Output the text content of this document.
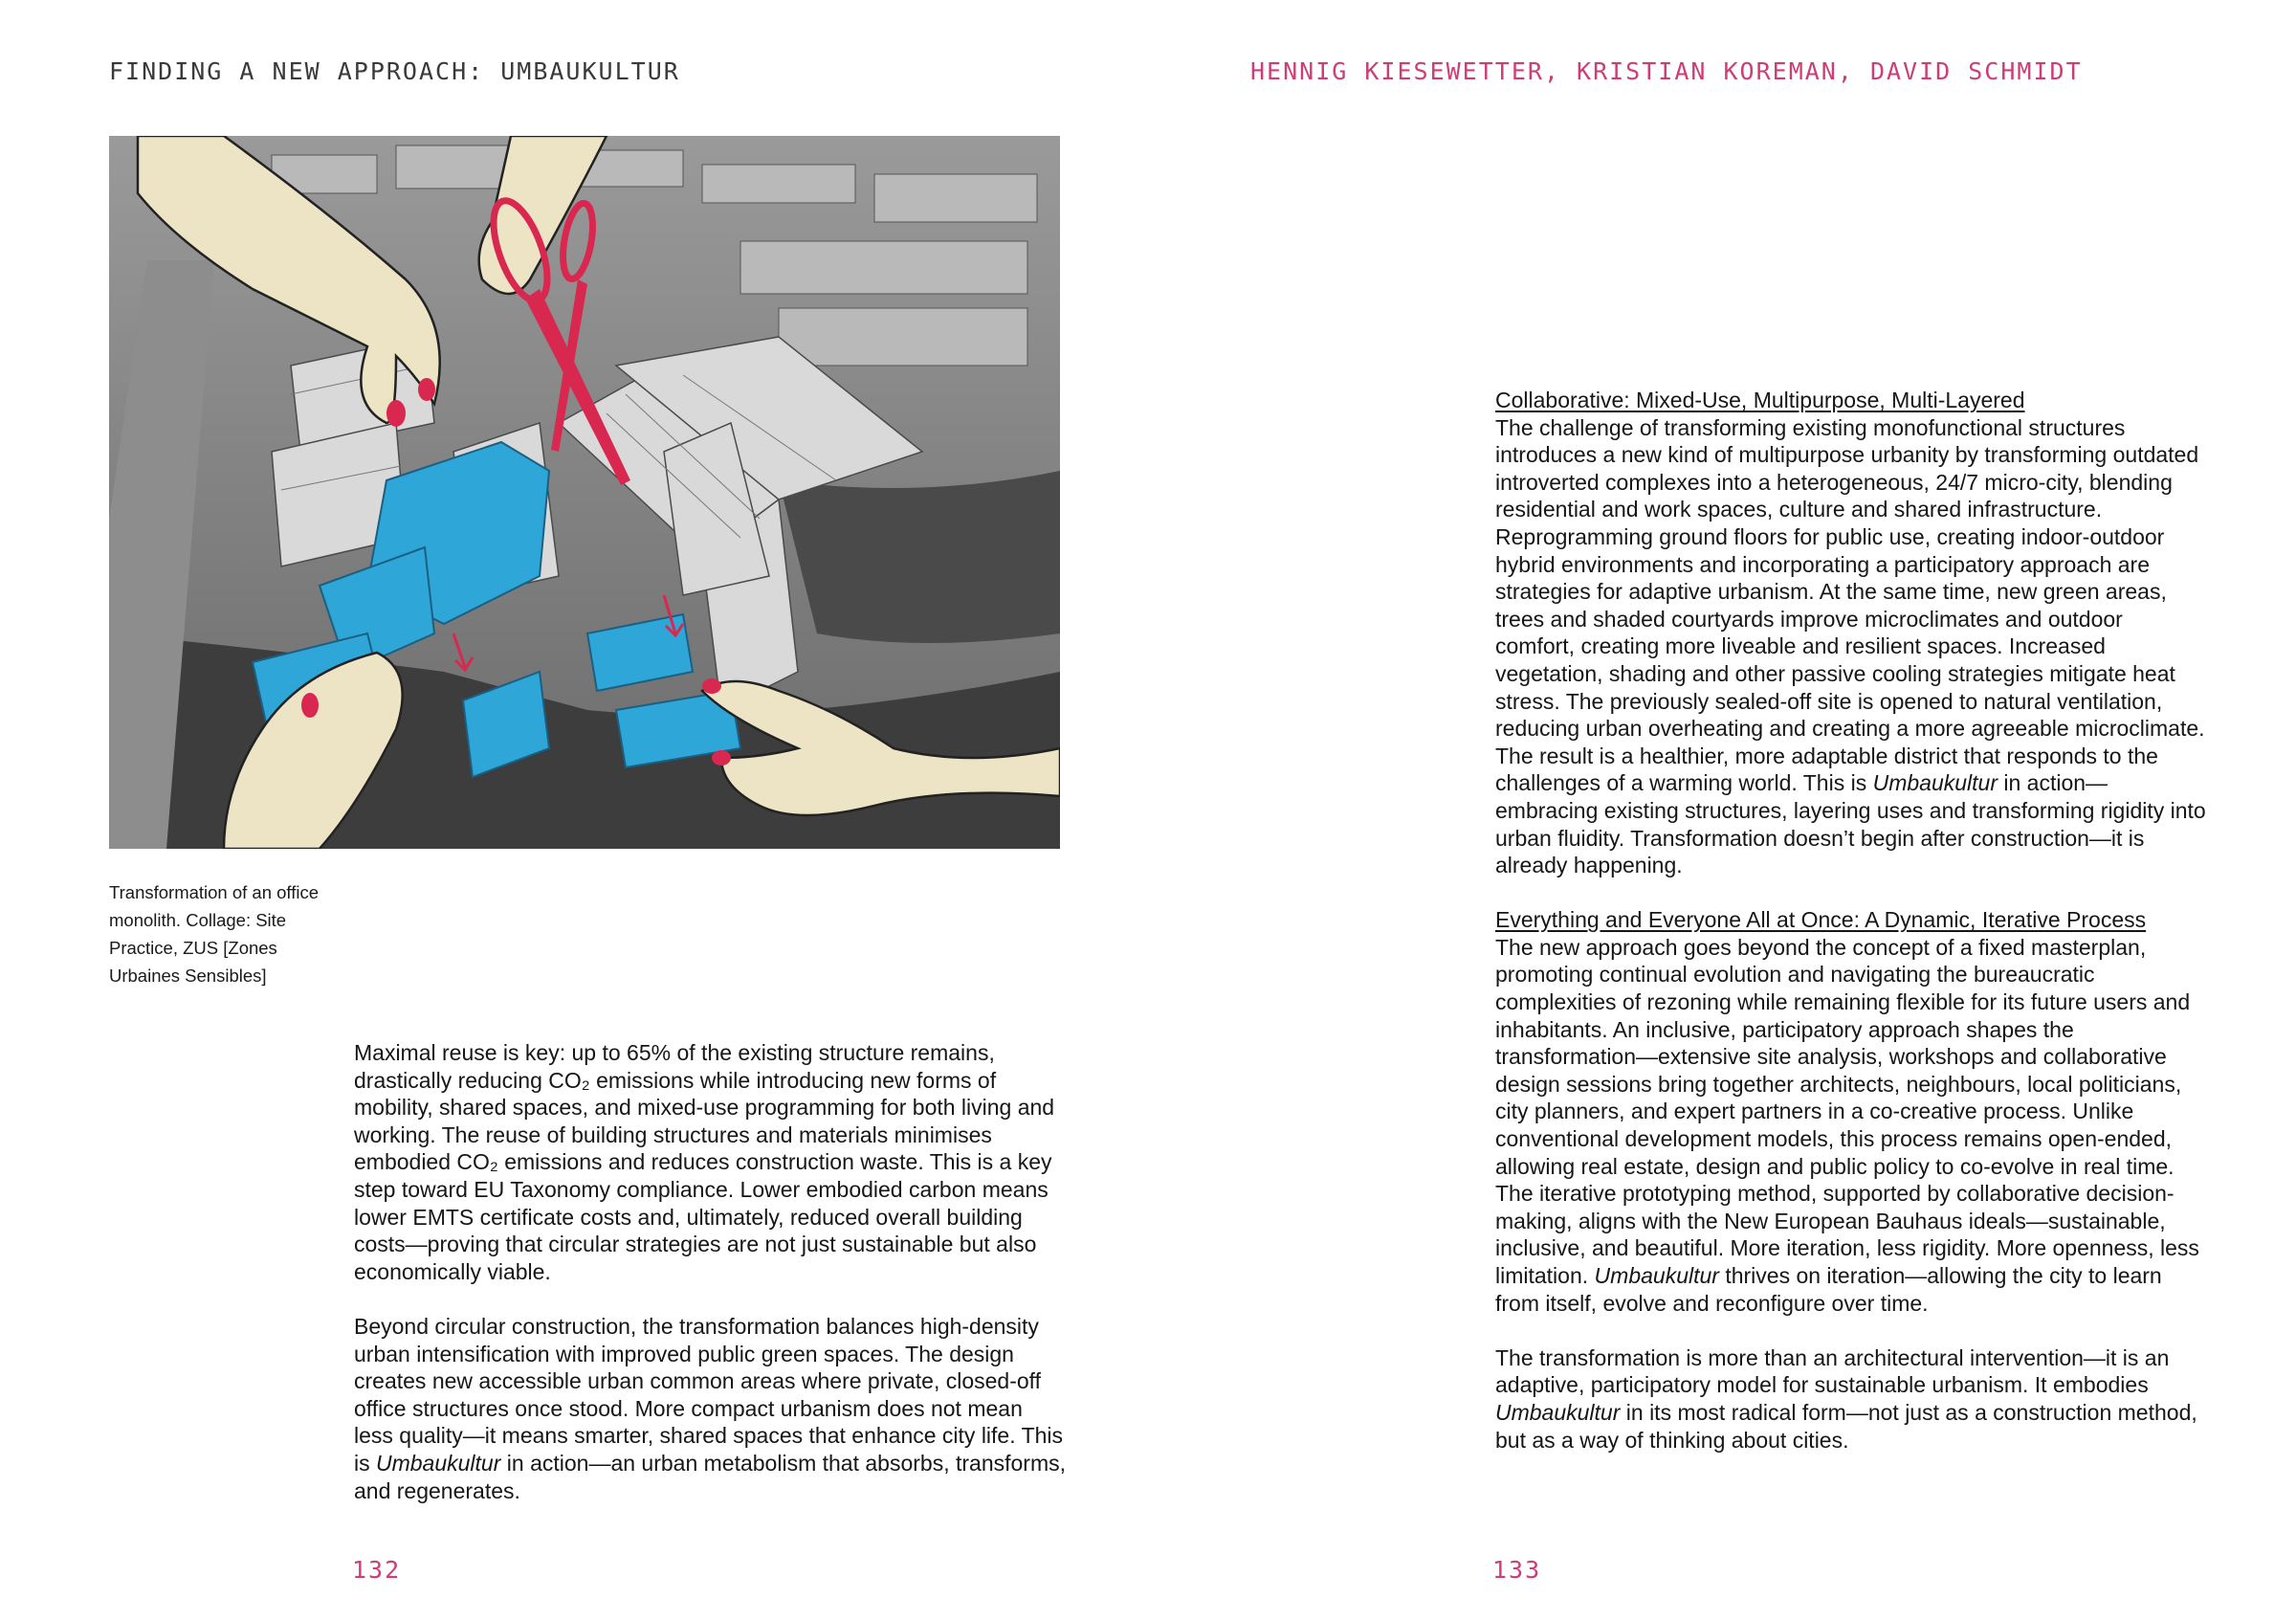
FINDING A NEW APPROACH: UMBAUKULTUR	HENNIG KIESEWETTER, KRISTIAN KOREMAN, DAVID SCHMIDT
Transformation of an office monolith. Collage: Site Practice, ZUS [Zones Urbaines Sensibles]

Maximal reuse is key: up to 65% of the existing structure remains, drastically reducing CO₂ emissions while introducing new forms of mobility, shared spaces, and mixed-use programming for both living and working. The reuse of building structures and materials minimises embodied CO₂ emissions and reduces construction waste. This is a key step toward EU Taxonomy compliance. Lower embodied carbon means lower EMTS certificate costs and, ultimately, reduced overall building costs—proving that circular strategies are not just sustainable but also economically viable.

Beyond circular construction, the transformation balances high-density urban intensification with improved public green spaces. The design creates new accessible urban common areas where private, closed-off office structures once stood. More compact urbanism does not mean less quality—it means smarter, shared spaces that enhance city life. This is Umbaukultur in action—an urban metabolism that absorbs, transforms, and regenerates.

Collaborative: Mixed-Use, Multipurpose, Multi-Layered
The challenge of transforming existing monofunctional structures introduces a new kind of multipurpose urbanity by transforming outdated introverted complexes into a heterogeneous, 24/7 micro-city, blending residential and work spaces, culture and shared infrastructure. Reprogramming ground floors for public use, creating indoor-outdoor hybrid environments and incorporating a participatory approach are strategies for adaptive urbanism. At the same time, new green areas, trees and shaded courtyards improve microclimates and outdoor comfort, creating more liveable and resilient spaces. Increased vegetation, shading and other passive cooling strategies mitigate heat stress. The previously sealed-off site is opened to natural ventilation, reducing urban overheating and creating a more agreeable microclimate. The result is a healthier, more adaptable district that responds to the challenges of a warming world. This is Umbaukultur in action—embracing existing structures, layering uses and transforming rigidity into urban fluidity. Transformation doesn’t begin after construction—it is already happening.

Everything and Everyone All at Once: A Dynamic, Iterative Process
The new approach goes beyond the concept of a fixed masterplan, promoting continual evolution and navigating the bureaucratic complexities of rezoning while remaining flexible for its future users and inhabitants. An inclusive, participatory approach shapes the transformation—extensive site analysis, workshops and collaborative design sessions bring together architects, neighbours, local politicians, city planners, and expert partners in a co-creative process. Unlike conventional development models, this process remains open-ended, allowing real estate, design and public policy to co-evolve in real time. The iterative prototyping method, supported by collaborative decision-making, aligns with the New European Bauhaus ideals—sustainable, inclusive, and beautiful. More iteration, less rigidity. More openness, less limitation. Umbaukultur thrives on iteration—allowing the city to learn from itself, evolve and reconfigure over time.

The transformation is more than an architectural intervention—it is an adaptive, participatory model for sustainable urbanism. It embodies Umbaukultur in its most radical form—not just as a construction method, but as a way of thinking about cities.

132	133
